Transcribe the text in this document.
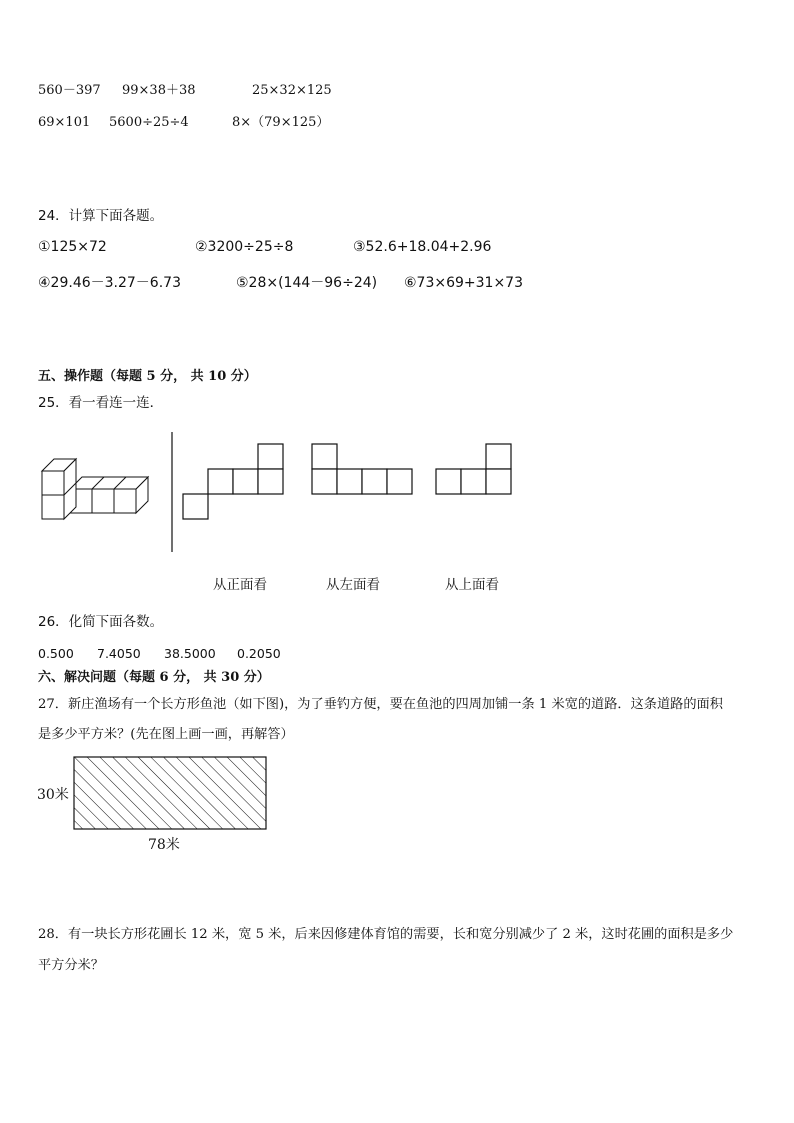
560－397 99×38＋38	25×32×125
69×101 5600÷25÷4	8×（79×125）
24．计算下面各题。
①125×72	②3200÷25÷8	③52.6+18.04+2.96
④29.46－3.27－6.73	⑤28×(144－96÷24) ⑥73×69+31×73
五、操作题（每题 5 分， 共 10 分）
25．看一看连一连．
从正面看	从左面看	从上面看
26．化简下面各数。
0.500 7.4050 38.5000 0.2050
六、解决问题（每题 6 分， 共 30 分）
27．新庄渔场有一个长方形鱼池（如下图)，为了垂钓方便，要在鱼池的四周加铺一条 1 米宽的道路．这条道路的面积
是多少平方米？(先在图上画一画，再解答）
30米
78米
28．有一块长方形花圃长 12 米，宽 5 米，后来因修建体育馆的需要，长和宽分别减少了 2 米，这时花圃的面积是多少
平方分米？
